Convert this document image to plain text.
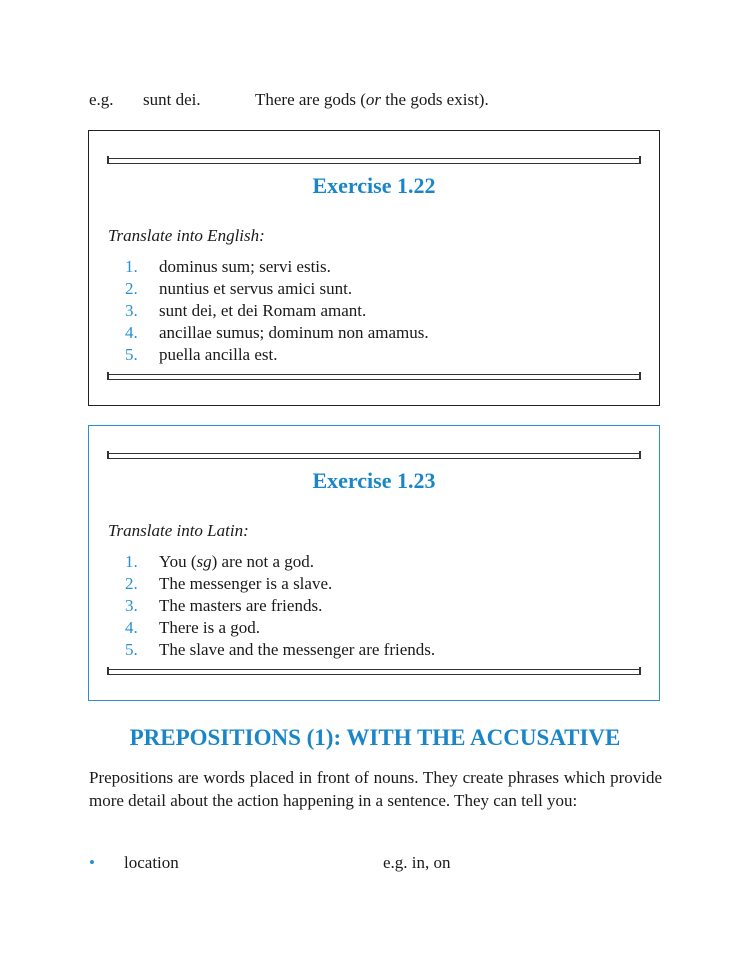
e.g. sunt dei.	There are gods (or the gods exist).
Exercise 1.22
Translate into English:
1. dominus sum; servi estis.
2. nuntius et servus amici sunt.
3. sunt dei, et dei Romam amant.
4. ancillae sumus; dominum non amamus.
5. puella ancilla est.
Exercise 1.23
Translate into Latin:
1. You (sg) are not a god.
2. The messenger is a slave.
3. The masters are friends.
4. There is a god.
5. The slave and the messenger are friends.
PREPOSITIONS (1): WITH THE ACCUSATIVE

Prepositions are words placed in front of nouns. They create phrases which provide more detail about the action happening in a sentence. They can tell you:

• location	e.g. in, on
